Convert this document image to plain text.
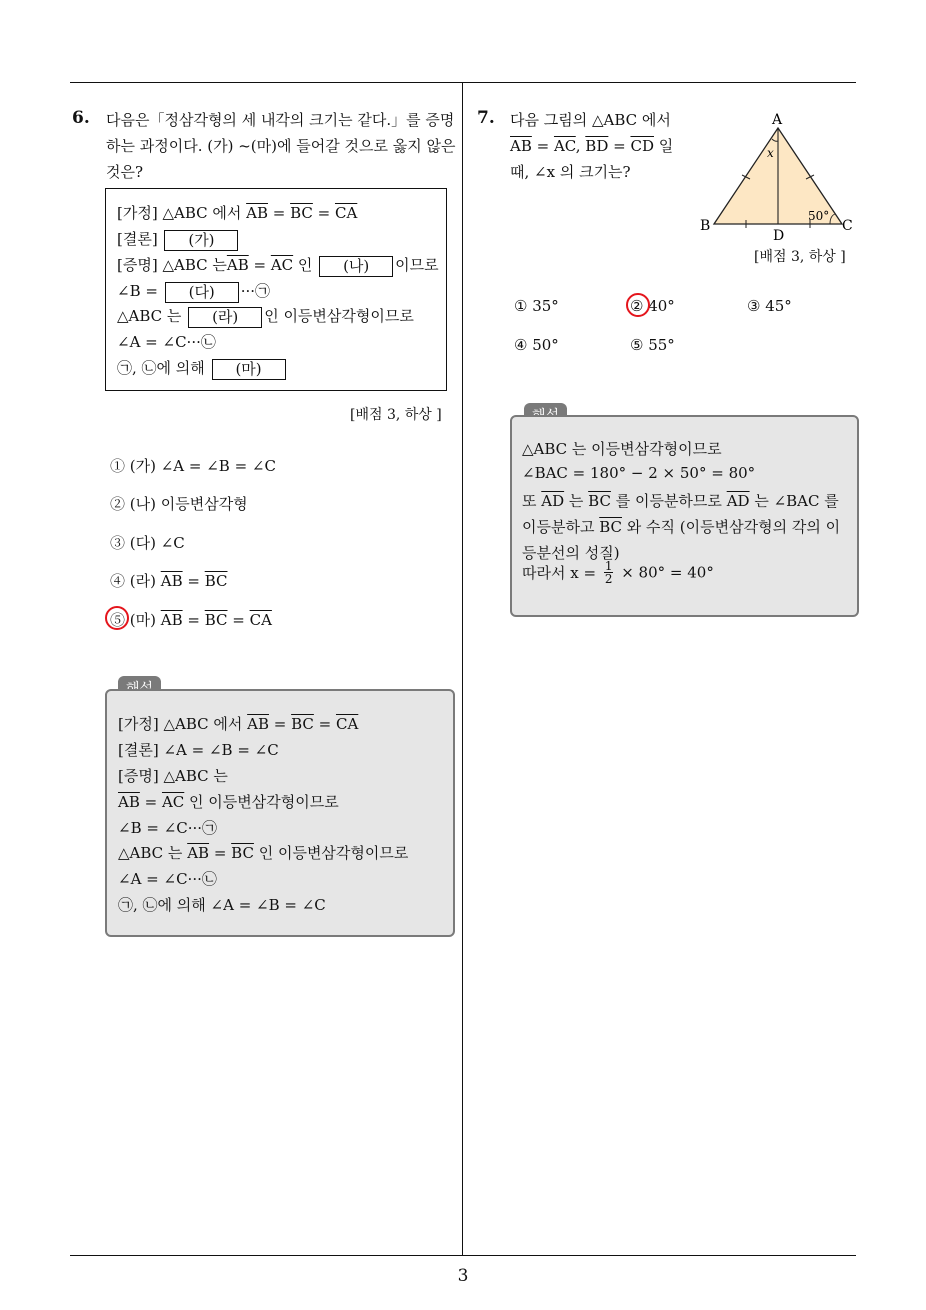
6. 다음은「정삼각형의 세 내각의 크기는 같다.」를 증명
하는 과정이다. (가) ~(마)에 들어갈 것으로 옳지 않은
것은?
[가정] △ABC 에서 $\overline{AB} = \overline{BC} = \overline{CA}$
[결론] (가)
[증명] △ABC 는$\overline{AB} = \overline{AC}$ 인 (나) 이므로
∠B = (다) ···㉠
△ABC 는 (라) 인 이등변삼각형이므로
∠A = ∠C···㉡
㉠, ㉡에 의해 (마)
[배점 3, 하상 ]
① (가) ∠A = ∠B = ∠C
② (나) 이등변삼각형
③ (다) ∠C
④ (라) $\overline{AB} = \overline{BC}$
⑤ (마) $\overline{AB} = \overline{BC} = \overline{CA}$
[가정] △ABC 에서 $\overline{AB} = \overline{BC} = \overline{CA}$
[결론] ∠A = ∠B = ∠C
[증명] △ABC 는
$\overline{AB} = \overline{AC}$ 인 이등변삼각형이므로
∠B = ∠C···㉠
△ABC 는 $\overline{AB} = \overline{BC}$ 인 이등변삼각형이므로
∠A = ∠C···㉡
㉠, ㉡에 의해 ∠A = ∠B = ∠C
7. 다음 그림의 △ABC 에서
$\overline{AB} = \overline{AC}$, $\overline{BD} = \overline{CD}$ 일
때, ∠x 의 크기는?
A
B	C
D
x
50°
[배점 3, 하상 ]
① 35°	② 40°	③ 45°
④ 50°	⑤ 55°
△ABC 는 이등변삼각형이므로
∠BAC = 180° − 2 × 50° = 80°
또 $\overline{AD}$ 는 $\overline{BC}$ 를 이등분하므로 $\overline{AD}$ 는 ∠BAC 를
이등분하고 $\overline{BC}$ 와 수직 (이등변삼각형의 각의 이
등분선의 성질)
따라서 $x = \frac{1}{2} \times 80^\circ = 40^\circ$
3
